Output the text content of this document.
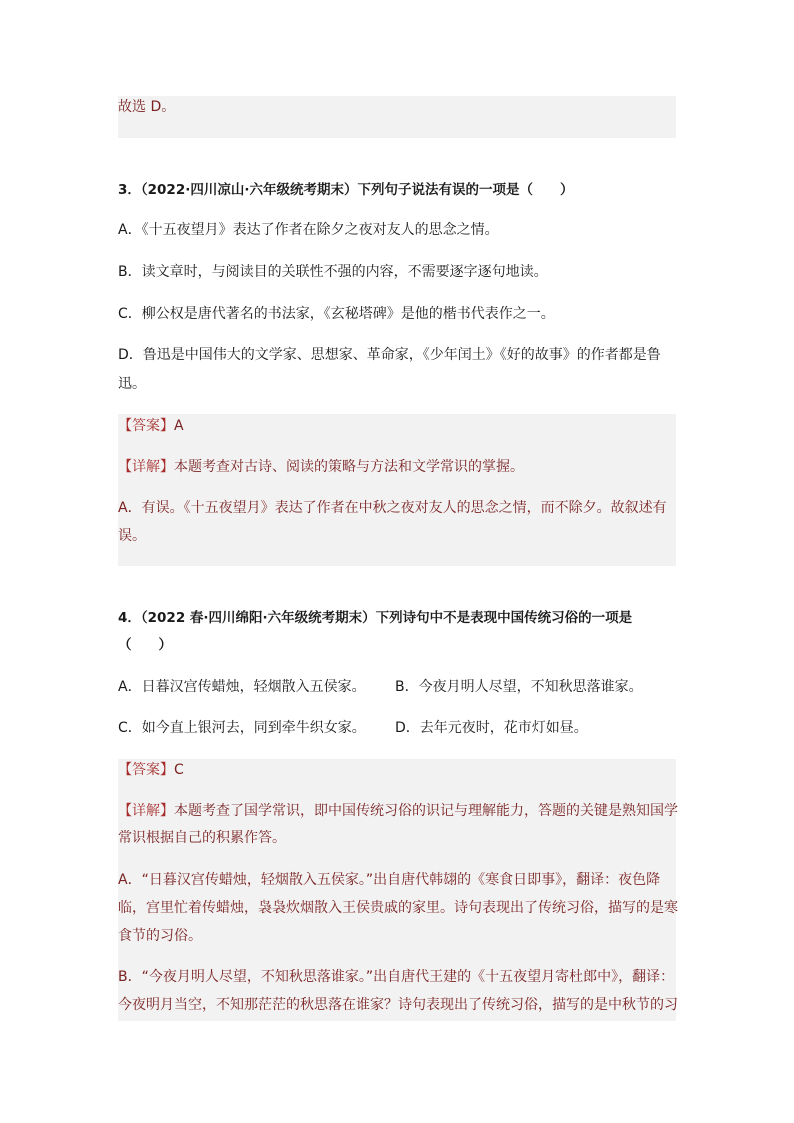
故选 D。
3．（2022·四川凉山·六年级统考期末）下列句子说法有误的一项是（　　）
A．《十五夜望月》表达了作者在除夕之夜对友人的思念之情。
B．读文章时，与阅读目的关联性不强的内容，不需要逐字逐句地读。
C．柳公权是唐代著名的书法家，《玄秘塔碑》是他的楷书代表作之一。
D．鲁迅是中国伟大的文学家、思想家、革命家，《少年闰土》《好的故事》的作者都是鲁
迅。
【答案】A
【详解】本题考查对古诗、阅读的策略与方法和文学常识的掌握。
A．有误。《十五夜望月》表达了作者在中秋之夜对友人的思念之情，而不除夕。故叙述有
误。
4．（2022 春·四川绵阳·六年级统考期末）下列诗句中不是表现中国传统习俗的一项是
（　　）
A．日暮汉宫传蜡烛，轻烟散入五侯家。 B．今夜月明人尽望，不知秋思落谁家。
C．如今直上银河去，同到牵牛织女家。 D．去年元夜时，花市灯如昼。
【答案】C
【详解】本题考查了国学常识，即中国传统习俗的识记与理解能力，答题的关键是熟知国学
常识根据自己的积累作答。
A．“日暮汉宫传蜡烛，轻烟散入五侯家。”出自唐代韩翃的《寒食日即事》，翻译：夜色降
临，宫里忙着传蜡烛，袅袅炊烟散入王侯贵戚的家里。诗句表现出了传统习俗，描写的是寒
食节的习俗。
B．“今夜月明人尽望，不知秋思落谁家。”出自唐代王建的《十五夜望月寄杜郎中》，翻译：
今夜明月当空，不知那茫茫的秋思落在谁家？诗句表现出了传统习俗，描写的是中秋节的习
